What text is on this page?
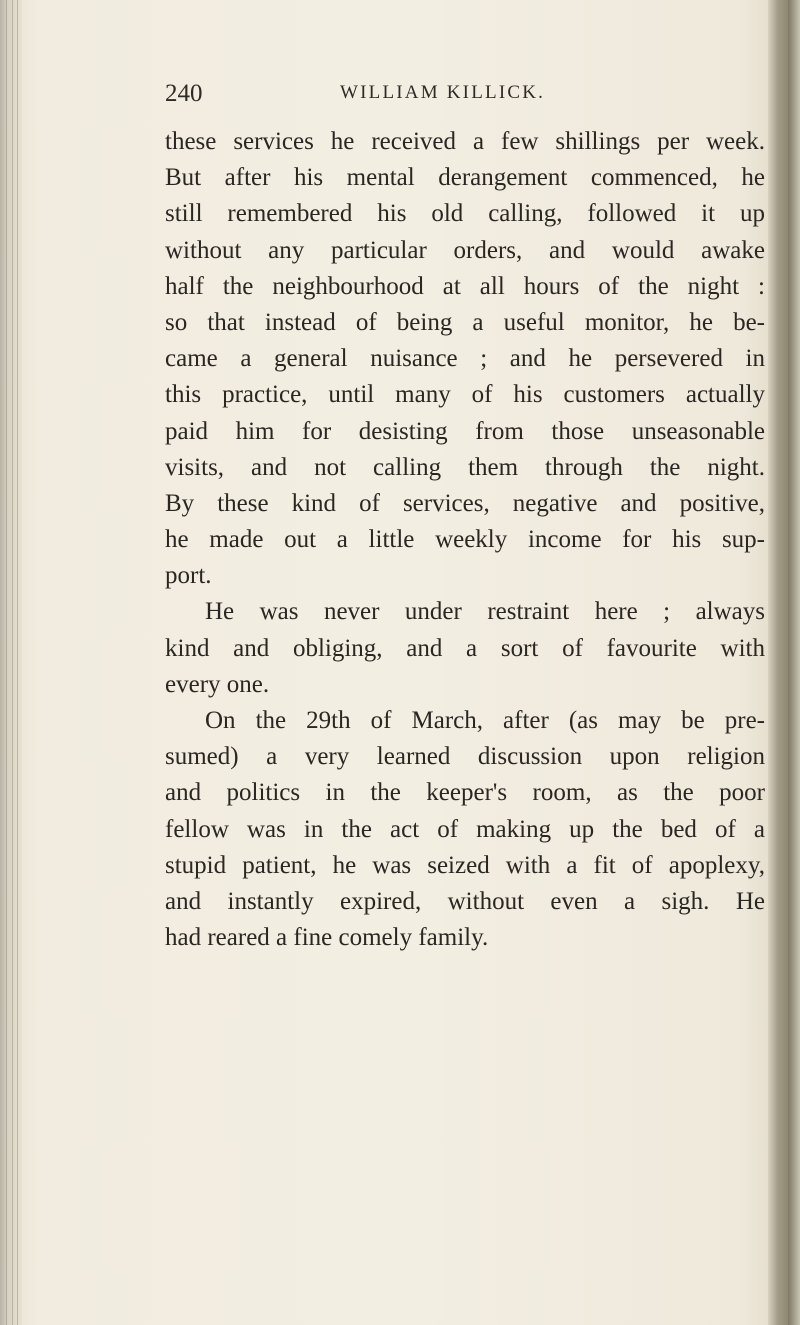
240	WILLIAM KILLICK.
these services he received a few shillings per week.
But after his mental derangement commenced, he
still remembered his old calling, followed it up
without any particular orders, and would awake
half the neighbourhood at all hours of the night :
so that instead of being a useful monitor, he be-
came a general nuisance ; and he persevered in
this practice, until many of his customers actually
paid him for desisting from those unseasonable
visits, and not calling them through the night.
By these kind of services, negative and positive,
he made out a little weekly income for his sup-
port.
He was never under restraint here ; always
kind and obliging, and a sort of favourite with
every one.
On the 29th of March, after (as may be pre-
sumed) a very learned discussion upon religion
and politics in the keeper's room, as the poor
fellow was in the act of making up the bed of a
stupid patient, he was seized with a fit of apoplexy,
and instantly expired, without even a sigh. He
had reared a fine comely family.
